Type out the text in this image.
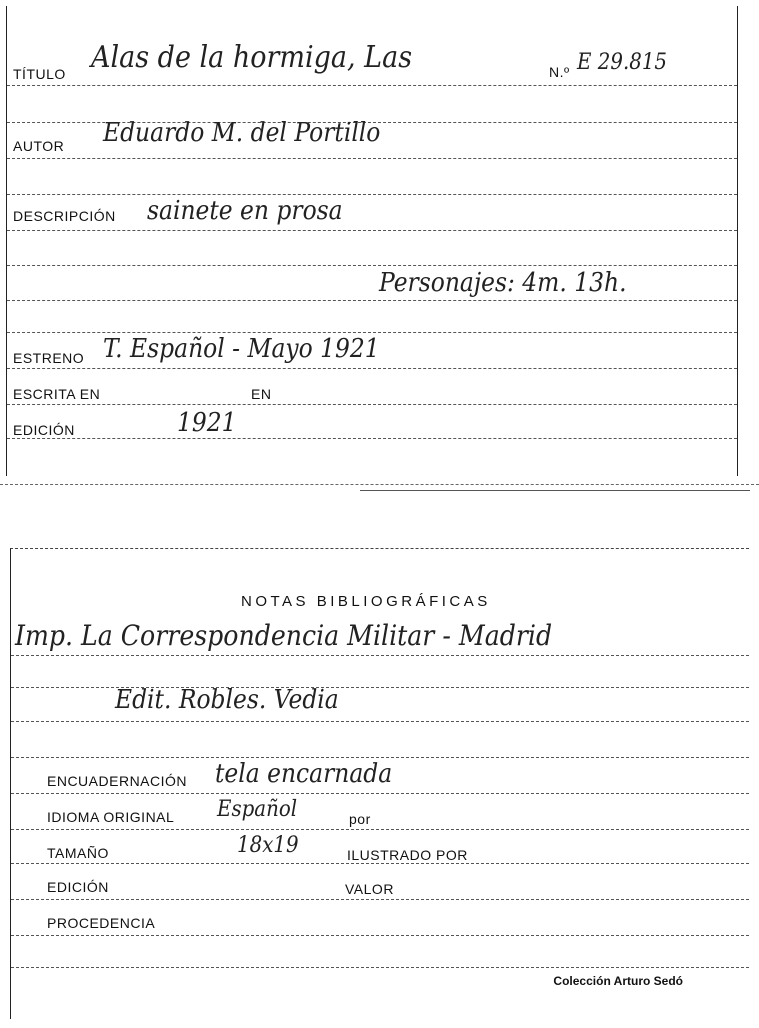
TÍTULO Alas de la hormiga, Las	N.º E 29.815
AUTOR Eduardo M. del Portillo
DESCRIPCIÓN sainete en prosa
Personajes: 4m. 13h.
ESTRENO T. Español - Mayo 1921
ESCRITA EN	EN
EDICIÓN	1921
NOTAS BIBLIOGRÁFICAS
Imp. La Correspondencia Militar - Madrid
Edit. Robles. Vedia
ENCUADERNACIÓN tela encarnada
IDIOMA ORIGINAL Español	por
TAMAÑO	18x19	ILUSTRADO POR
EDICIÓN	VALOR
PROCEDENCIA
Colección Arturo Sedó
